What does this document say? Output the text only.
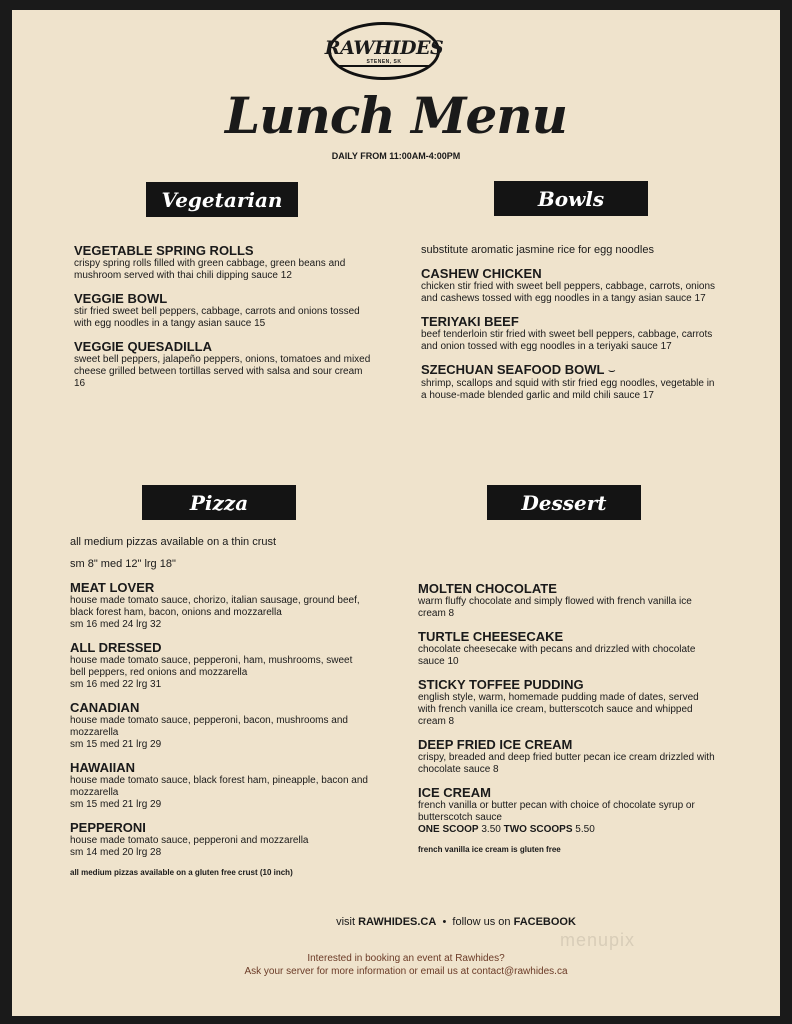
RAWHIDES
STENEN, SK
Lunch Menu
DAILY FROM 11:00AM-4:00PM
Vegetarian
VEGETABLE SPRING ROLLS
crispy spring rolls filled with green cabbage, green beans and mushroom served with thai chili dipping sauce 12
VEGGIE BOWL
stir fried sweet bell peppers, cabbage, carrots and onions tossed with egg noodles in a tangy asian sauce 15
VEGGIE QUESADILLA
sweet bell peppers, jalapeño peppers, onions, tomatoes and mixed cheese grilled between tortillas served with salsa and sour cream 16
Bowls
substitute aromatic jasmine rice for egg noodles
CASHEW CHICKEN
chicken stir fried with sweet bell peppers, cabbage, carrots, onions and cashews tossed with egg noodles in a tangy asian sauce 17
TERIYAKI BEEF
beef tenderloin stir fried with sweet bell peppers, cabbage, carrots and onion tossed with egg noodles in a teriyaki sauce 17
SZECHUAN SEAFOOD BOWL ⌣
shrimp, scallops and squid with stir fried egg noodles, vegetable in a house-made blended garlic and mild chili sauce 17
Pizza
all medium pizzas available on a thin crust
sm 8" med 12" lrg 18"
MEAT LOVER
house made tomato sauce, chorizo, italian sausage, ground beef, black forest ham, bacon, onions and mozzarella
sm 16 med 24 lrg 32
ALL DRESSED
house made tomato sauce, pepperoni, ham, mushrooms, sweet bell peppers, red onions and mozzarella
sm 16 med 22 lrg 31
CANADIAN
house made tomato sauce, pepperoni, bacon, mushrooms and mozzarella
sm 15 med 21 lrg 29
HAWAIIAN
house made tomato sauce, black forest ham, pineapple, bacon and mozzarella
sm 15 med 21 lrg 29
PEPPERONI
house made tomato sauce, pepperoni and mozzarella
sm 14 med 20 lrg 28
all medium pizzas available on a gluten free crust (10 inch)
Dessert
MOLTEN CHOCOLATE
warm fluffy chocolate and simply flowed with french vanilla ice cream 8
TURTLE CHEESECAKE
chocolate cheesecake with pecans and drizzled with chocolate sauce 10
STICKY TOFFEE PUDDING
english style, warm, homemade pudding made of dates, served with french vanilla ice cream, butterscotch sauce and whipped cream 8
DEEP FRIED ICE CREAM
crispy, breaded and deep fried butter pecan ice cream drizzled with chocolate sauce 8
ICE CREAM
french vanilla or butter pecan with choice of chocolate syrup or butterscotch sauce
ONE SCOOP 3.50 TWO SCOOPS 5.50
french vanilla ice cream is gluten free
visit RAWHIDES.CA  •  follow us on FACEBOOK
menupix
Interested in booking an event at Rawhides?
Ask your server for more information or email us at contact@rawhides.ca
